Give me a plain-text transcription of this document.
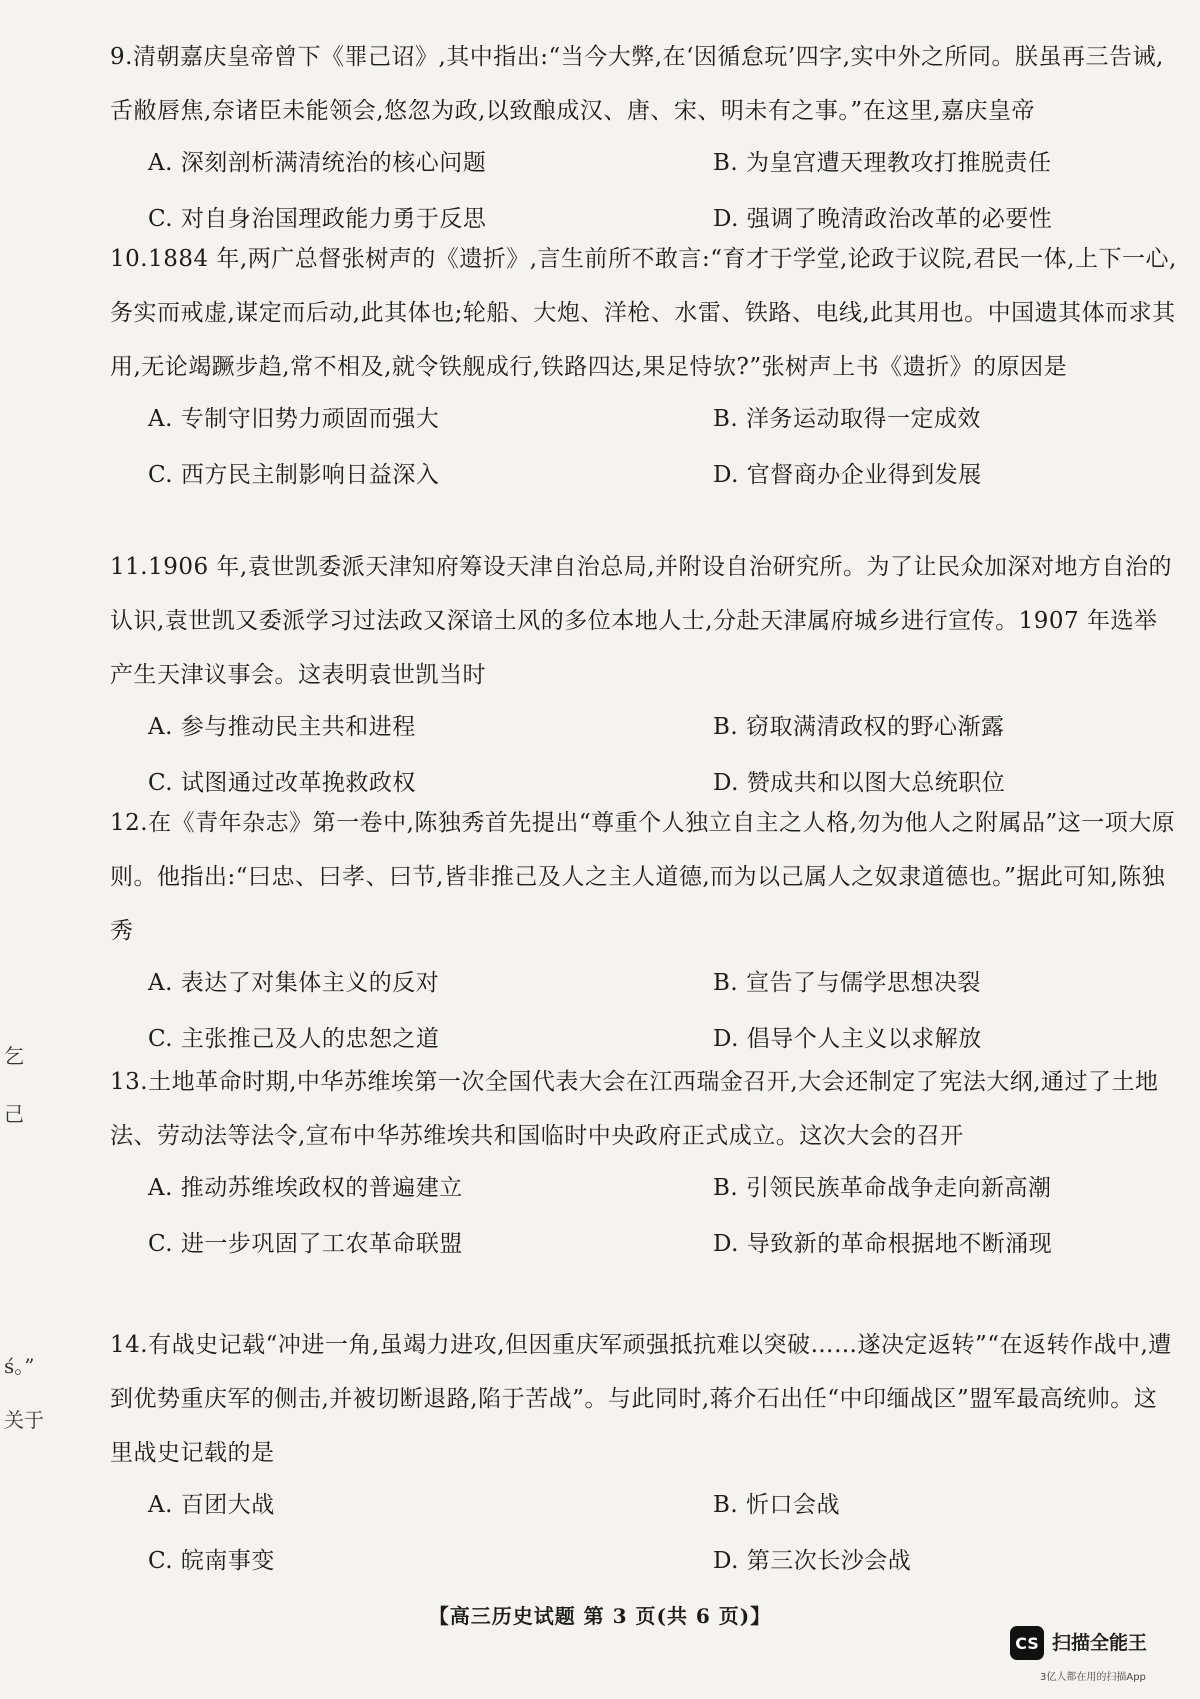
9.清朝嘉庆皇帝曾下《罪己诏》,其中指出:“当今大弊,在‘因循怠玩’四字,实中外之所同。朕虽再三告诫,舌敝唇焦,奈诸臣未能领会,悠忽为政,以致酿成汉、唐、宋、明未有之事。”在这里,嘉庆皇帝

A. 深刻剖析满清统治的核心问题	B. 为皇宫遭天理教攻打推脱责任
C. 对自身治国理政能力勇于反思	D. 强调了晚清政治改革的必要性

10.1884 年,两广总督张树声的《遗折》,言生前所不敢言:“育才于学堂,论政于议院,君民一体,上下一心,务实而戒虚,谋定而后动,此其体也;轮船、大炮、洋枪、水雷、铁路、电线,此其用也。中国遗其体而求其用,无论竭蹶步趋,常不相及,就令铁舰成行,铁路四达,果足恃欤?”张树声上书《遗折》的原因是

A. 专制守旧势力顽固而强大	B. 洋务运动取得一定成效
C. 西方民主制影响日益深入	D. 官督商办企业得到发展

11.1906 年,袁世凯委派天津知府筹设天津自治总局,并附设自治研究所。为了让民众加深对地方自治的认识,袁世凯又委派学习过法政又深谙土风的多位本地人士,分赴天津属府城乡进行宣传。1907 年选举产生天津议事会。这表明袁世凯当时

A. 参与推动民主共和进程	B. 窃取满清政权的野心渐露
C. 试图通过改革挽救政权	D. 赞成共和以图大总统职位

12.在《青年杂志》第一卷中,陈独秀首先提出“尊重个人独立自主之人格,勿为他人之附属品”这一项大原则。他指出:“曰忠、曰孝、曰节,皆非推己及人之主人道德,而为以己属人之奴隶道德也。”据此可知,陈独秀

A. 表达了对集体主义的反对	B. 宣告了与儒学思想决裂
C. 主张推己及人的忠恕之道	D. 倡导个人主义以求解放

13.土地革命时期,中华苏维埃第一次全国代表大会在江西瑞金召开,大会还制定了宪法大纲,通过了土地法、劳动法等法令,宣布中华苏维埃共和国临时中央政府正式成立。这次大会的召开

A. 推动苏维埃政权的普遍建立	B. 引领民族革命战争走向新高潮
C. 进一步巩固了工农革命联盟	D. 导致新的革命根据地不断涌现

14.有战史记载“冲进一角,虽竭力进攻,但因重庆军顽强抵抗难以突破……遂决定返转”“在返转作战中,遭到优势重庆军的侧击,并被切断退路,陷于苦战”。与此同时,蒋介石出任“中印缅战区”盟军最高统帅。这里战史记载的是

A. 百团大战	B. 忻口会战
C. 皖南事变	D. 第三次长沙会战
乞
己
ś。”
关于
【高三历史试题 第 3 页(共 6 页)】
CS 扫描全能王
3亿人都在用的扫描App
